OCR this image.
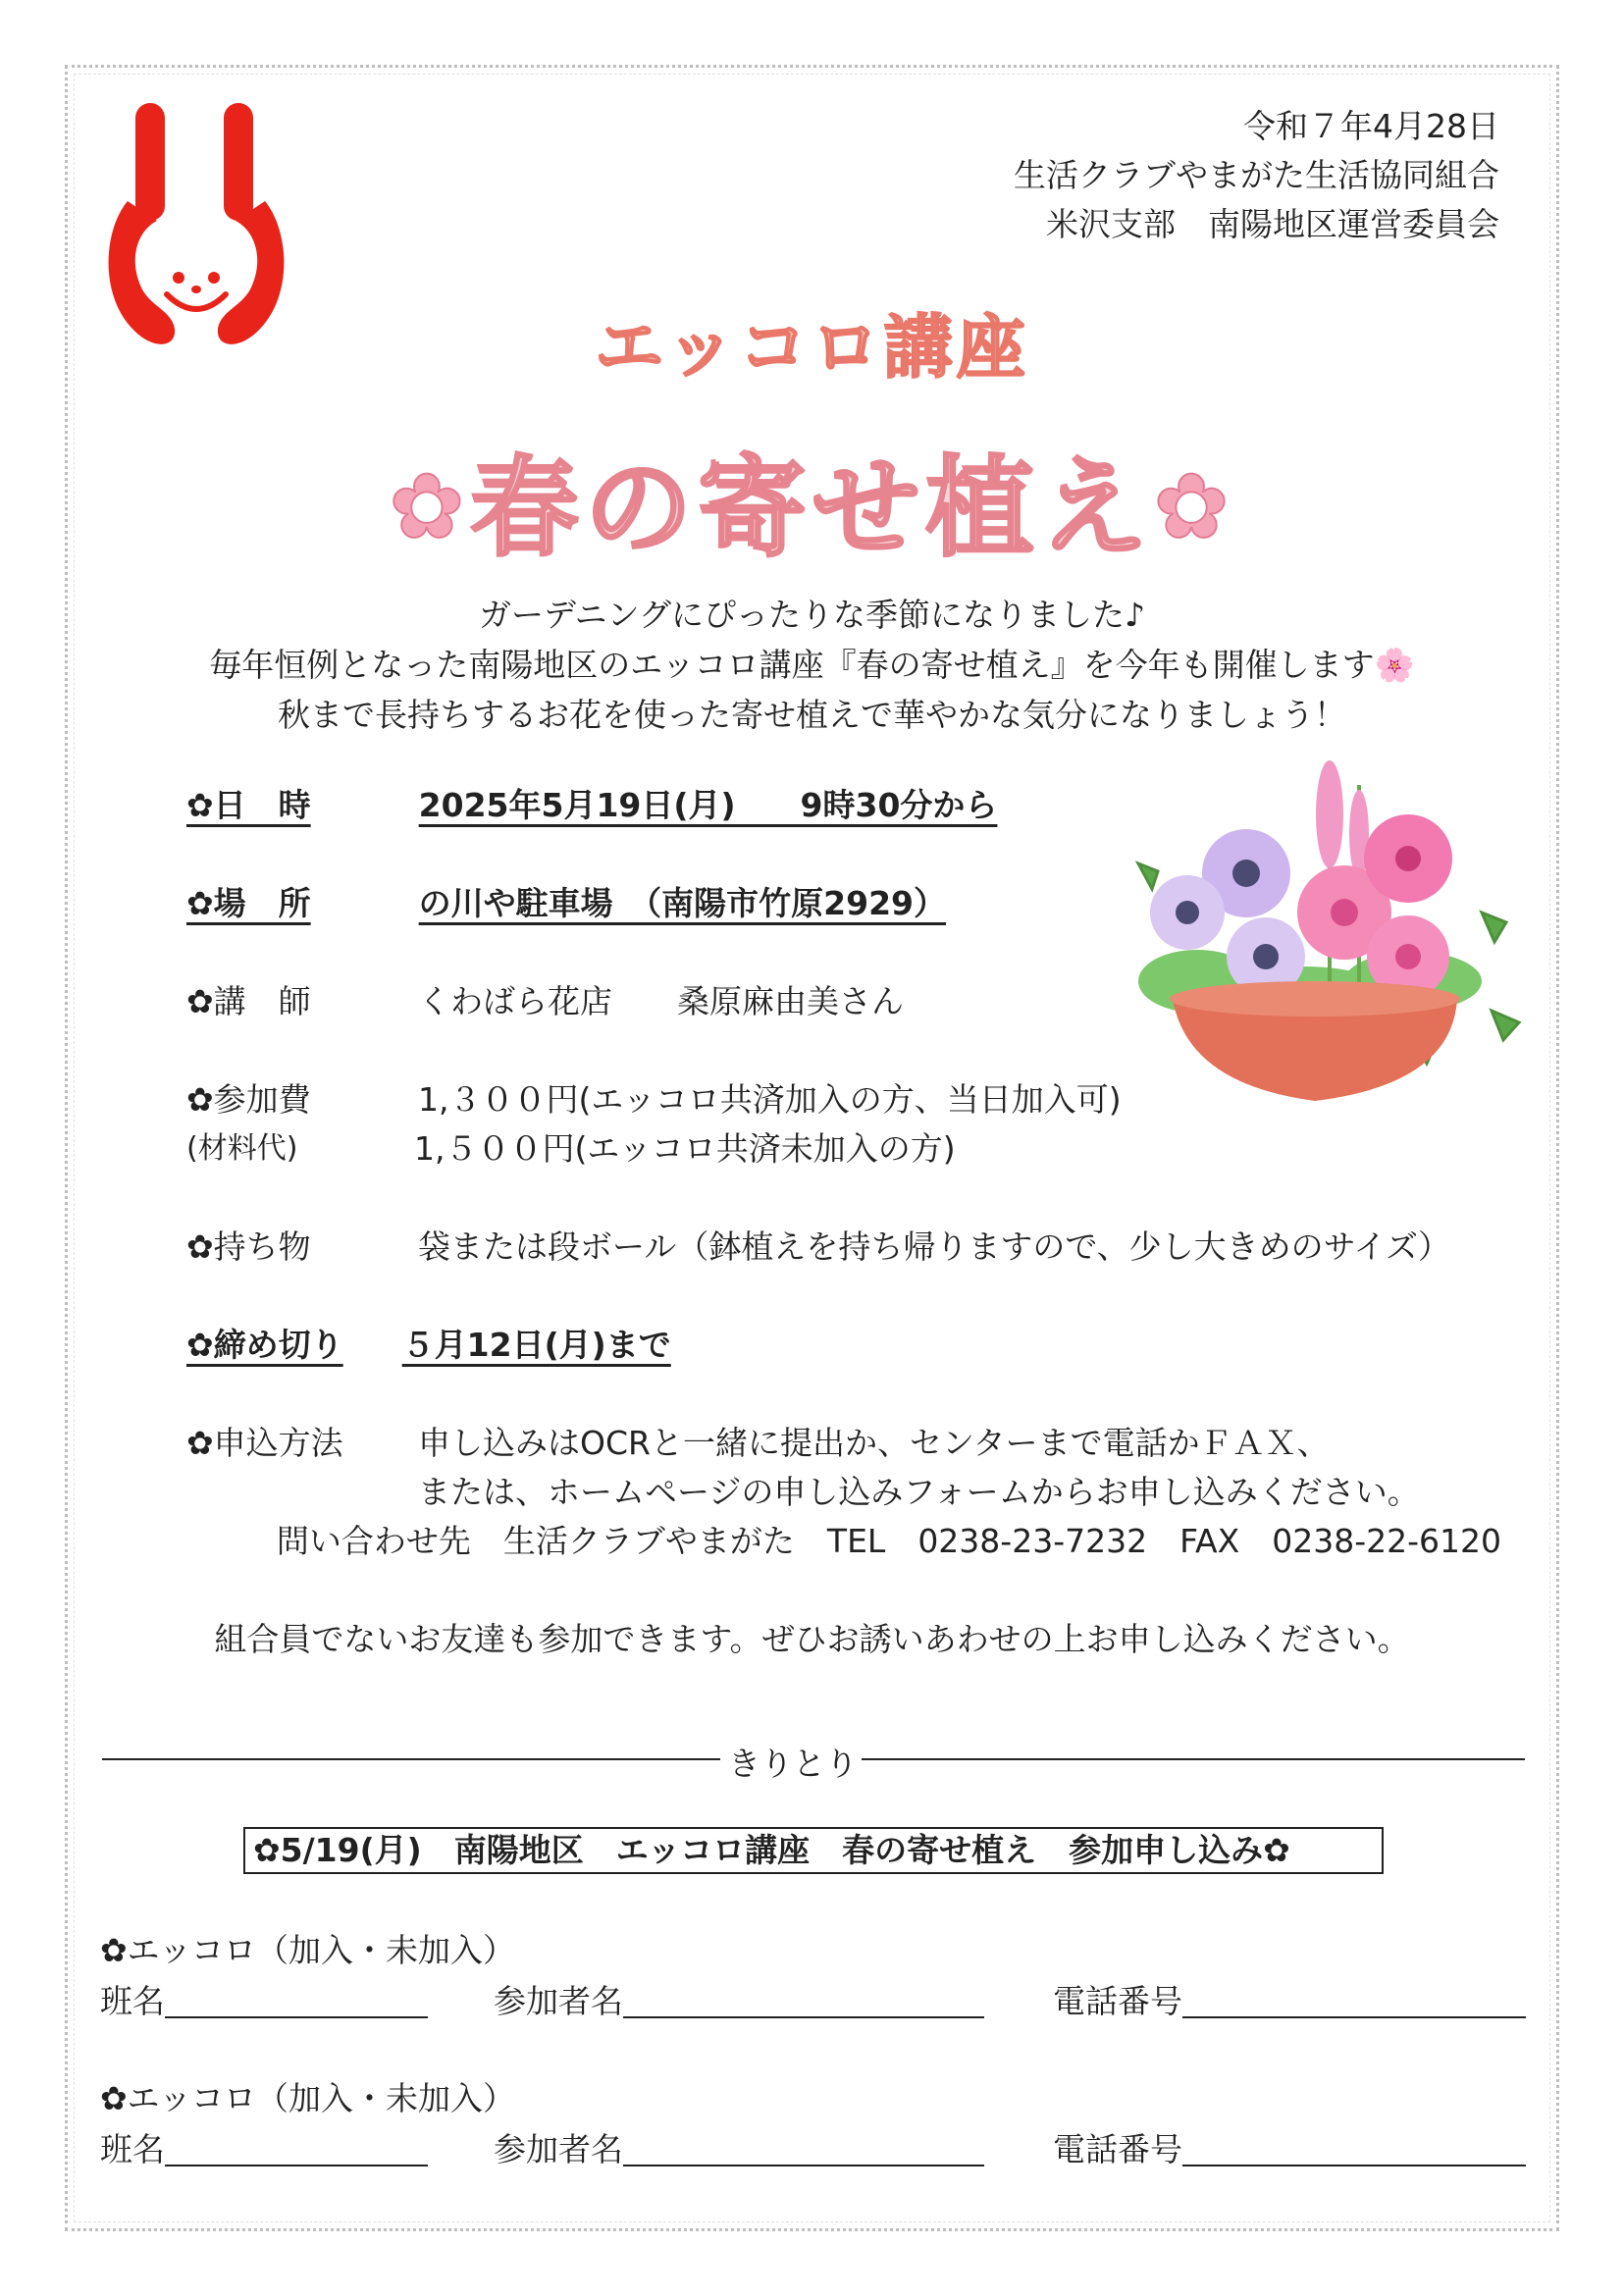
令和７年4月28日
生活クラブやまがた生活協同組合
米沢支部　南陽地区運営委員会
エッコロ講座
✿春の寄せ植え✿
ガーデニングにぴったりな季節になりました♪
毎年恒例となった南陽地区のエッコロ講座『春の寄せ植え』を今年も開催します🌸
秋まで長持ちするお花を使った寄せ植えで華やかな気分になりましょう！
✿日　時	2025年5月19日(月)　　9時30分から
✿場　所	の川や駐車場　（南陽市竹原2929）
✿講　師	くわばら花店　　桑原麻由美さん
✿参加費	1,３００円(エッコロ共済加入の方、当日加入可)
(材料代)	1,５００円(エッコロ共済未加入の方)
✿持ち物	袋または段ボール（鉢植えを持ち帰りますので、少し大きめのサイズ）
✿締め切り ５月12日(月)まで
✿申込方法 申し込みはOCRと一緒に提出か、センターまで電話かＦＡＸ、
または、ホームページの申し込みフォームからお申し込みください。
問い合わせ先　生活クラブやまがた　TEL　0238-23-7232　FAX　0238-22-6120
組合員でないお友達も参加できます。ぜひお誘いあわせの上お申し込みください。
きりとり
✿5/19(月)　南陽地区　エッコロ講座　春の寄せ植え　参加申し込み✿
✿エッコロ（加入・未加入）
班名	参加者名	電話番号
✿エッコロ（加入・未加入）
班名	参加者名	電話番号
